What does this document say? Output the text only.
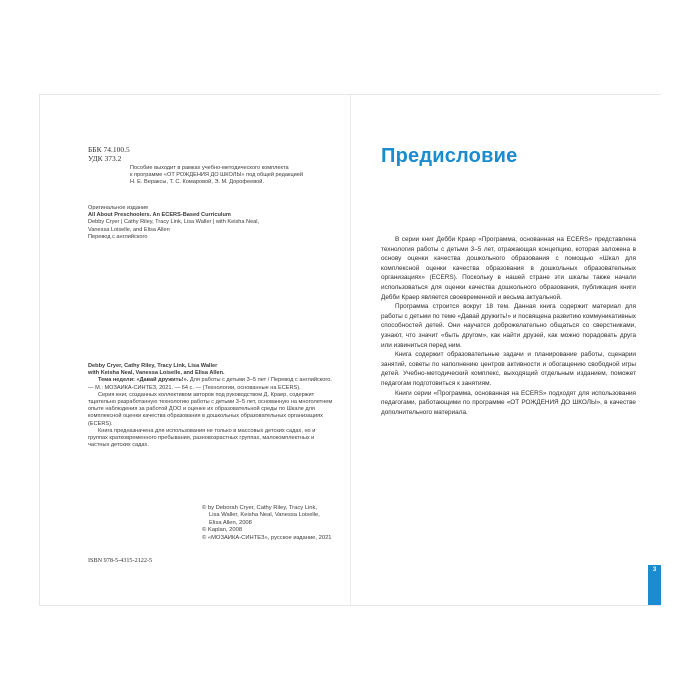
ББК 74.100.5
УДК 373.2

Пособие выходит в рамках учебно-методического комплекта

к программе «ОТ РОЖДЕНИЯ ДО ШКОЛЫ» под общей редакцией

Н. Е. Вераксы, Т. С. Комаровой, Э. М. Дорофеевой.

Оригинальное издание

All About Preschoolers. An ECERS-Based Curriculum

Debby Cryer | Cathy Riley, Tracy Link, Lisa Waller | with Keisha Neal,

Vanessa Loiselle, and Elisa Allen

Перевод с английского

Debby Cryer, Cathy Riley, Tracy Link, Lisa Waller

with Keisha Neal, Vanessa Loiselle, and Elisa Allen.

Тема недели: «Давай дружить!». Для работы с детьми 3–5 лет / Перевод с английского. — М.: МОЗАИКА-СИНТЕЗ, 2021. — 64 с. — (Технологии, основанные на ECERS).

Серия книг, созданных коллективом авторов под руководством Д. Краер, содержит тщательно разработанную технологию работы с детьми 3–5 лет, основанную на многолетнем опыте наблюдения за работой ДОО и оценке их образовательной среды по Шкале для комплексной оценки качества образования в дошкольных образовательных организациях (ECERS).

Книга предназначена для использования не только в массовых детских садах, но и группах кратковременного пребывания, разновозрастных группах, малокомплектных и частных детских садах.

© by Deborah Cryer, Cathy Riley, Tracy Link,

Lisa Waller, Keisha Neal, Vanessa Loiselle,

Elisa Allen, 2008

© Kaplan, 2008

© «МОЗАИКА-СИНТЕЗ», русское издание, 2021

ISBN 978-5-4315-2122-5
Предисловие

В серии книг Дебби Краер «Программа, основанная на ECERS» представлена технология работы с детьми 3–5 лет, отражающая концепцию, которая заложена в основу оценки качества дошкольного образования с помощью «Шкал для комплексной оценки качества образования в дошкольных образовательных организациях» (ECERS). Поскольку в нашей стране эти шкалы также начали использоваться для оценки качества дошкольного образования, публикация книги Дебби Краер является своевременной и весьма актуальной.

Программа строится вокруг 18 тем. Данная книга содержит материал для работы с детьми по теме «Давай дружить!» и посвящена развитию коммуникативных способностей детей. Они научатся доброжелательно общаться со сверстниками, узнают, что значит «быть другом», как найти друзей, как можно порадовать друга или извиниться перед ним.

Книга содержит образовательные задачи и планирование работы, сценарии занятий, советы по наполнению центров активности и обогащению свободной игры детей. Учебно-методический комплекс, выходящий отдельным изданием, поможет педагогам подготовиться к занятиям.

Книги серии «Программа, основанная на ECERS» подходят для использования педагогами, работающими по программе «ОТ РОЖДЕНИЯ ДО ШКОЛЫ», в качестве дополнительного материала.

3
